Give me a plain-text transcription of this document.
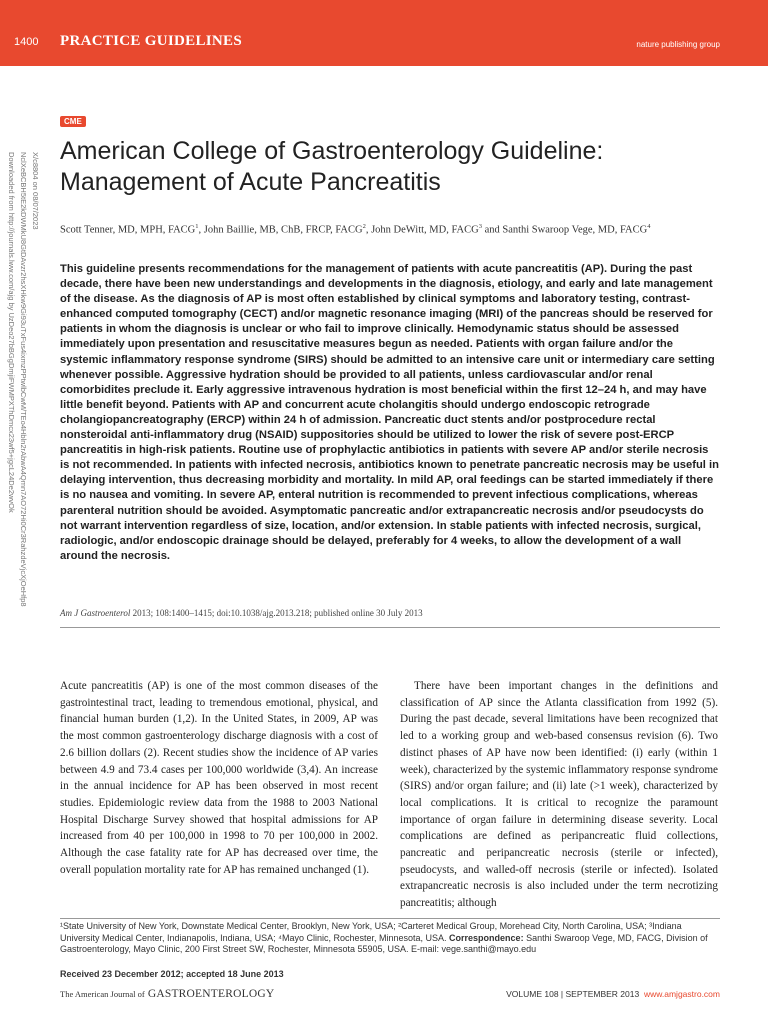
1400 PRACTICE GUIDELINES	nature publishing group
Downloaded from http://journals.lww.com/ajg by UzDeo27bBGgDmjiFWMPXThDmcx23wf5+jgcL24De2wvOk NclXeBCBH5tE2kDWMkU8GtDAvzr2hsXHkw9Gi93uTxFus4ixmzPPtwlbCwM/TEo4Hbln2rAbwA4Qmn7AO72Hi0Cr3RahzdeVjcXjOeHfp8 X/c8804 on 08/07/2023
CME
American College of Gastroenterology Guideline:
Management of Acute Pancreatitis
Scott Tenner, MD, MPH, FACG$^1$, John Baillie, MB, ChB, FRCP, FACG$^2$, John DeWitt, MD, FACG$^3$ and Santhi Swaroop Vege, MD, FACG$^4$

This guideline presents recommendations for the management of patients with acute pancreatitis (AP). During the past decade, there have been new understandings and developments in the diagnosis, etiology, and early and late management of the disease. As the diagnosis of AP is most often established by clinical symptoms and laboratory testing, contrast-enhanced computed tomography (CECT) and/or magnetic resonance imaging (MRI) of the pancreas should be reserved for patients in whom the diagnosis is unclear or who fail to improve clinically. Hemodynamic status should be assessed immediately upon presentation and resuscitative measures begun as needed. Patients with organ failure and/or the systemic inflammatory response syndrome (SIRS) should be admitted to an intensive care unit or intermediary care setting whenever possible. Aggressive hydration should be provided to all patients, unless cardiovascular and/or renal comorbidites preclude it. Early aggressive intravenous hydration is most beneficial within the first 12–24 h, and may have little benefit beyond. Patients with AP and concurrent acute cholangitis should undergo endoscopic retrograde cholangiopancreatography (ERCP) within 24 h of admission. Pancreatic duct stents and/or postprocedure rectal nonsteroidal anti-inflammatory drug (NSAID) suppositories should be utilized to lower the risk of severe post-ERCP pancreatitis in high-risk patients. Routine use of prophylactic antibiotics in patients with severe AP and/or sterile necrosis is not recommended. In patients with infected necrosis, antibiotics known to penetrate pancreatic necrosis may be useful in delaying intervention, thus decreasing morbidity and mortality. In mild AP, oral feedings can be started immediately if there is no nausea and vomiting. In severe AP, enteral nutrition is recommended to prevent infectious complications, whereas parenteral nutrition should be avoided. Asymptomatic pancreatic and/or extrapancreatic necrosis and/or pseudocysts do not warrant intervention regardless of size, location, and/or extension. In stable patients with infected necrosis, surgical, radiologic, and/or endoscopic drainage should be delayed, preferably for 4 weeks, to allow the development of a wall around the necrosis.

Am J Gastroenterol 2013; 108:1400–1415; doi:10.1038/ajg.2013.218; published online 30 July 2013

Acute pancreatitis (AP) is one of the most common diseases of the gastrointestinal tract, leading to tremendous emotional, physical, and financial human burden (1,2). In the United States, in 2009, AP was the most common gastroenterology discharge diagnosis with a cost of 2.6 billion dollars (2). Recent studies show the incidence of AP varies between 4.9 and 73.4 cases per 100,000 worldwide (3,4). An increase in the annual incidence for AP has been observed in most recent studies. Epidemiologic review data from the 1988 to 2003 National Hospital Discharge Survey showed that hospital admissions for AP increased from 40 per 100,000 in 1998 to 70 per 100,000 in 2002. Although the case fatality rate for AP has decreased over time, the overall population mortality rate for AP has remained unchanged (1).

There have been important changes in the definitions and classification of AP since the Atlanta classification from 1992 (5). During the past decade, several limitations have been recognized that led to a working group and web-based consensus revision (6). Two distinct phases of AP have now been identified: (i) early (within 1 week), characterized by the systemic inflammatory response syndrome (SIRS) and/or organ failure; and (ii) late (>1 week), characterized by local complications. It is critical to recognize the paramount importance of organ failure in determining disease severity. Local complications are defined as peripancreatic fluid collections, pancreatic and peripancreatic necrosis (sterile or infected), pseudocysts, and walled-off necrosis (sterile or infected). Isolated extrapancreatic necrosis is also included under the term necrotizing pancreatitis; although

¹State University of New York, Downstate Medical Center, Brooklyn, New York, USA; ²Carteret Medical Group, Morehead City, North Carolina, USA; ³Indiana University Medical Center, Indianapolis, Indiana, USA; ⁴Mayo Clinic, Rochester, Minnesota, USA. Correspondence: Santhi Swaroop Vege, MD, FACG, Division of Gastroenterology, Mayo Clinic, 200 First Street SW, Rochester, Minnesota 55905, USA. E-mail: vege.santhi@mayo.edu
Received 23 December 2012; accepted 18 June 2013
The American Journal of GASTROENTEROLOGY	VOLUME 108 | SEPTEMBER 2013 www.amjgastro.com
